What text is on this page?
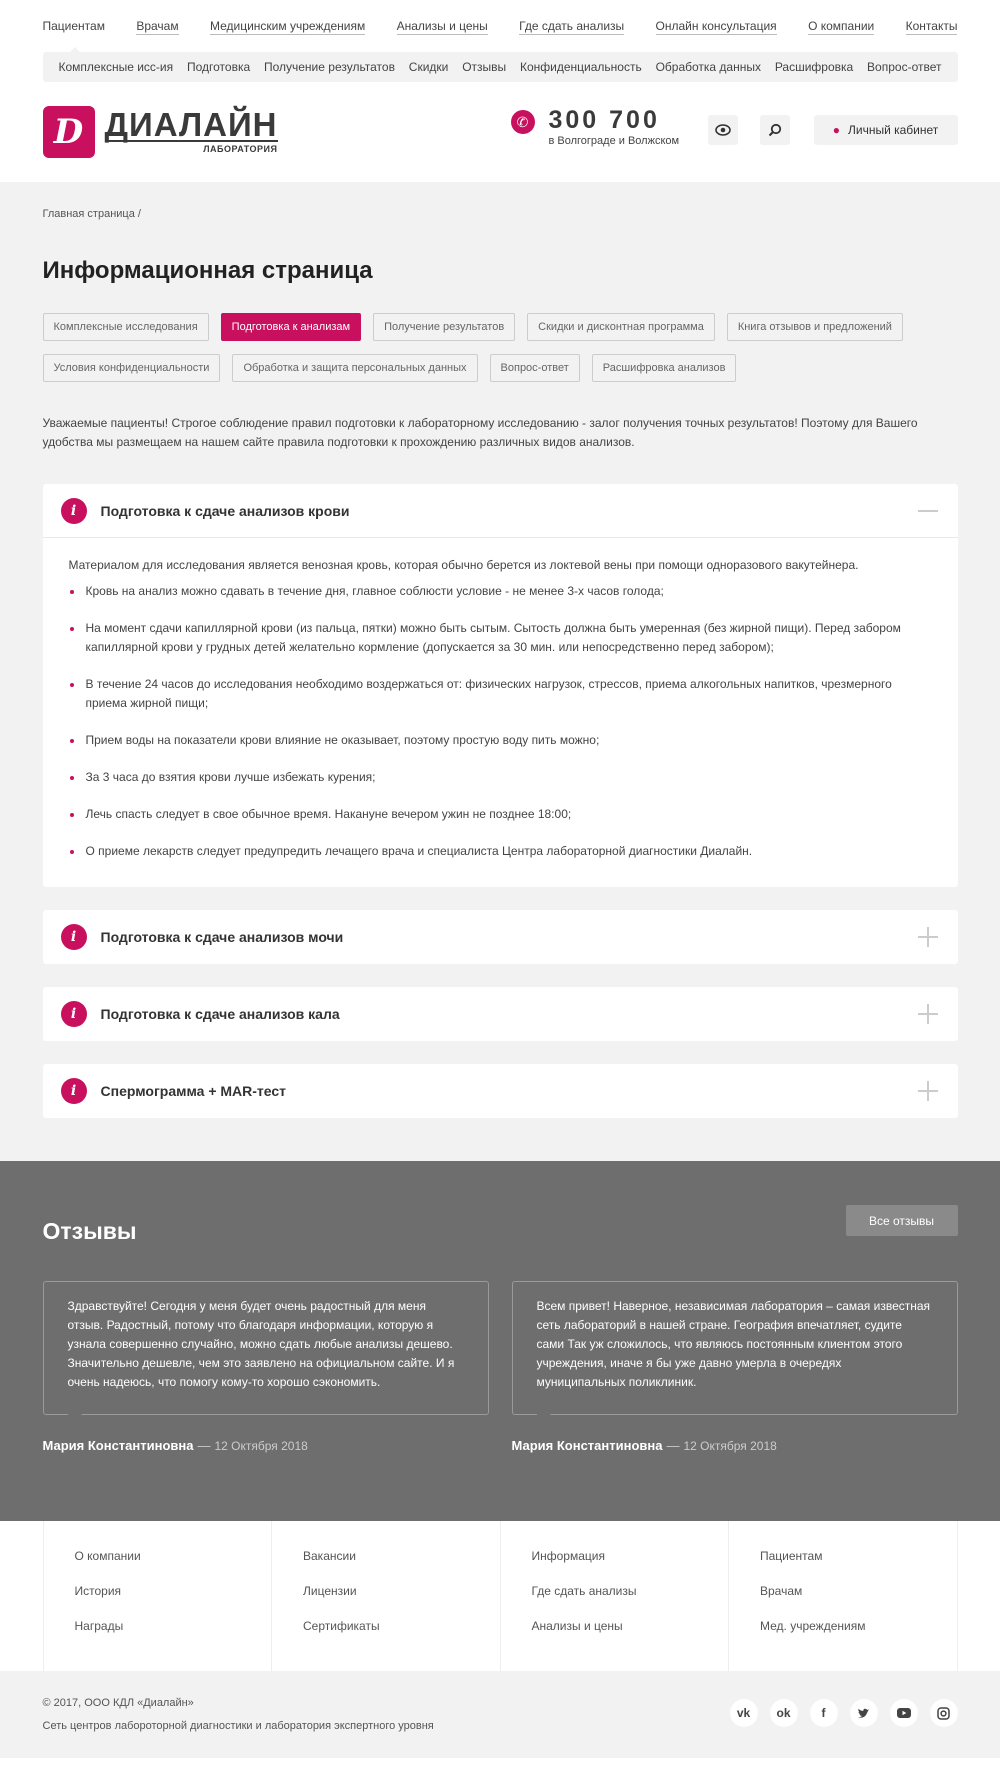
Пациентам	Врачам	Медицинским учреждениям	Анализы и цены	Где сдать анализы	Онлайн консультация	О компании	Контакты
Комплексные исс-ия Подготовка Получение результатов Скидки Отзывы Конфиденциальность Обработка данных Расшифровка Вопрос-ответ
D ДИАЛАЙН
ЛАБОРАТОРИЯ
✆ 300 700
в Волгограде и Волжском
● Личный кабинет
Главная страница /
Информационная страница
Комплексные исследования	Подготовка к анализам	Получение результатов	Скидки и дисконтная программа	Книга отзывов и предложений
Условия конфиденциальности	Обработка и защита персональных данных	Вопрос-ответ	Расшифровка анализов

Уважаемые пациенты! Строгое соблюдение правил подготовки к лабораторному исследованию - залог получения точных результатов! Поэтому для Вашего удобства мы размещаем на нашем сайте правила подготовки к прохождению различных видов анализов.

i	Подготовка к сдаче анализов крови

Материалом для исследования является венозная кровь, которая обычно берется из локтевой вены при помощи одноразового вакутейнера.

Кровь на анализ можно сдавать в течение дня, главное соблюсти условие - не менее 3-х часов голода;
На момент сдачи капиллярной крови (из пальца, пятки) можно быть сытым. Сытость должна быть умеренная (без жирной пищи). Перед забором капиллярной крови у грудных детей желательно кормление (допускается за 30 мин. или непосредственно перед забором);
В течение 24 часов до исследования необходимо воздержаться от: физических нагрузок, стрессов, приема алкогольных напитков, чрезмерного приема жирной пищи;
Прием воды на показатели крови влияние не оказывает, поэтому простую воду пить можно;
За 3 часа до взятия крови лучше избежать курения;
Лечь спасть следует в свое обычное время. Накануне вечером ужин не позднее 18:00;
О приеме лекарств следует предупредить лечащего врача и специалиста Центра лабораторной диагностики Диалайн.
i	Подготовка к сдаче анализов мочи
i	Подготовка к сдаче анализов кала
i	Спермограмма + MAR-тест
Отзывы	Все отзывы
Здравствуйте! Сегодня у меня будет очень радостный для меня отзыв. Радостный, потому что благодаря информации, которую я узнала совершенно случайно, можно сдать любые анализы дешево. Значительно дешевле, чем это заявлено на официальном сайте. И я очень надеюсь, что помогу кому-то хорошо сэкономить.
Мария Константиновна — 12 Октября 2018
Всем привет! Наверное, независимая лаборатория – самая известная сеть лабораторий в нашей стране. География впечатляет, судите сами Так уж сложилось, что являюсь постоянным клиентом этого учреждения, иначе я бы уже давно умерла в очередях муниципальных поликлиник.
Мария Константиновна — 12 Октября 2018
О компании
История
Награды
Вакансии
Лицензии
Сертификаты
Информация
Где сдать анализы
Анализы и цены
Пациентам
Врачам
Мед. учреждениям
© 2017, ООО КДЛ «Диалайн»
Сеть центров лабороторной диагностики и лаборатория экспертного уровня
vk	ok	f
